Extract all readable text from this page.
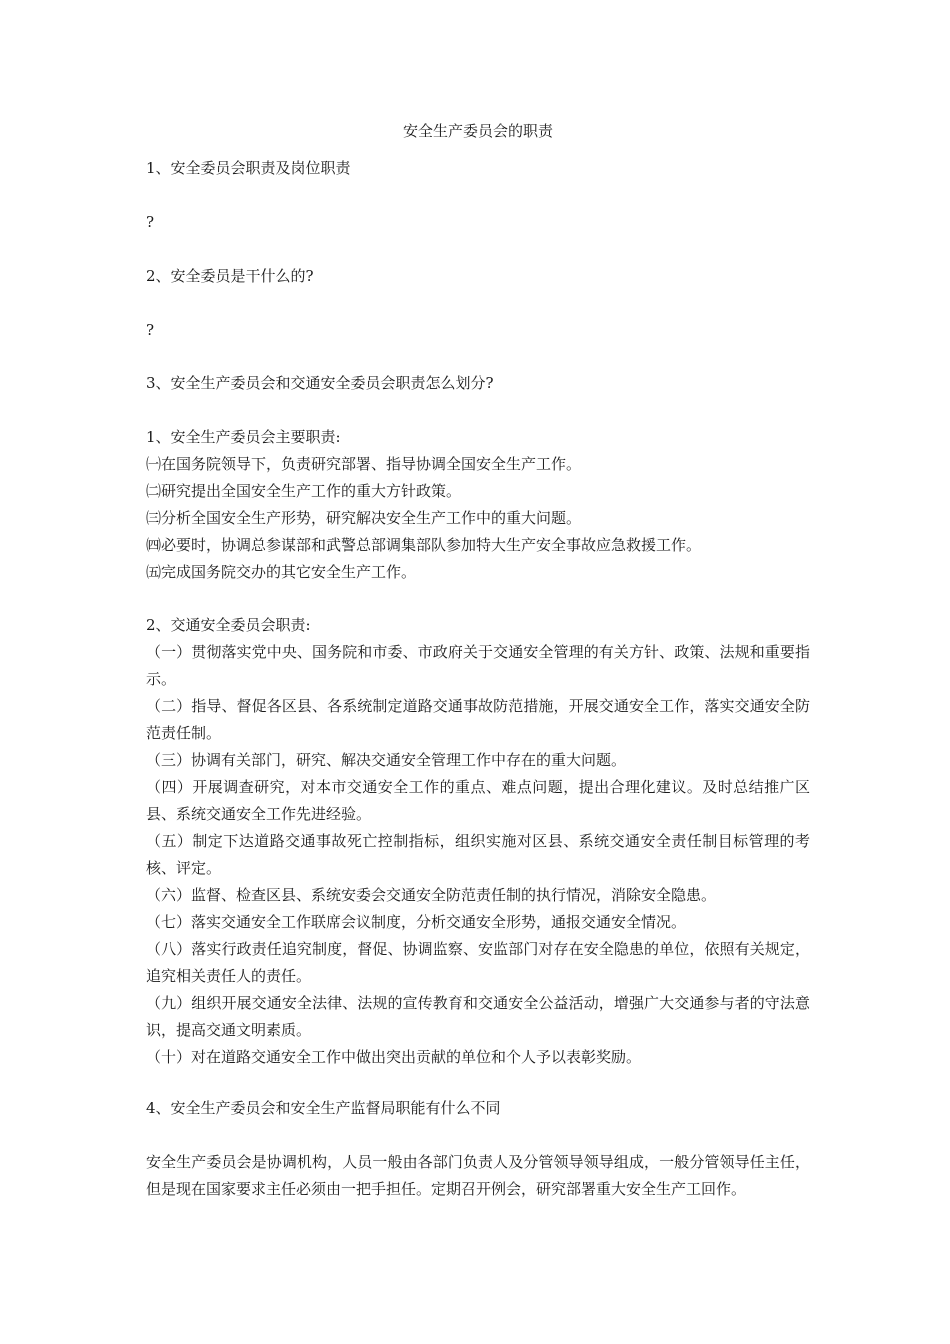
安全生产委员会的职责
1、安全委员会职责及岗位职责
?
2、安全委员是干什么的?
?
3、安全生产委员会和交通安全委员会职责怎么划分?
1、安全生产委员会主要职责:
㈠在国务院领导下，负责研究部署、指导协调全国安全生产工作。
㈡研究提出全国安全生产工作的重大方针政策。
㈢分析全国安全生产形势，研究解决安全生产工作中的重大问题。
㈣必要时，协调总参谋部和武警总部调集部队参加特大生产安全事故应急救援工作。
㈤完成国务院交办的其它安全生产工作。
2、交通安全委员会职责:
（一）贯彻落实党中央、国务院和市委、市政府关于交通安全管理的有关方针、政策、法规和重要指示。
（二）指导、督促各区县、各系统制定道路交通事故防范措施，开展交通安全工作，落实交通安全防范责任制。
（三）协调有关部门，研究、解决交通安全管理工作中存在的重大问题。
（四）开展调查研究，对本市交通安全工作的重点、难点问题，提出合理化建议。及时总结推广区县、系统交通安全工作先进经验。
（五）制定下达道路交通事故死亡控制指标，组织实施对区县、系统交通安全责任制目标管理的考核、评定。
（六）监督、检查区县、系统安委会交通安全防范责任制的执行情况，消除安全隐患。
（七）落实交通安全工作联席会议制度，分析交通安全形势，通报交通安全情况。
（八）落实行政责任追究制度，督促、协调监察、安监部门对存在安全隐患的单位，依照有关规定，追究相关责任人的责任。
（九）组织开展交通安全法律、法规的宣传教育和交通安全公益活动，增强广大交通参与者的守法意识，提高交通文明素质。
（十）对在道路交通安全工作中做出突出贡献的单位和个人予以表彰奖励。
4、安全生产委员会和安全生产监督局职能有什么不同
安全生产委员会是协调机构，人员一般由各部门负责人及分管领导领导组成，一般分管领导任主任，但是现在国家要求主任必须由一把手担任。定期召开例会，研究部署重大安全生产工回作。
